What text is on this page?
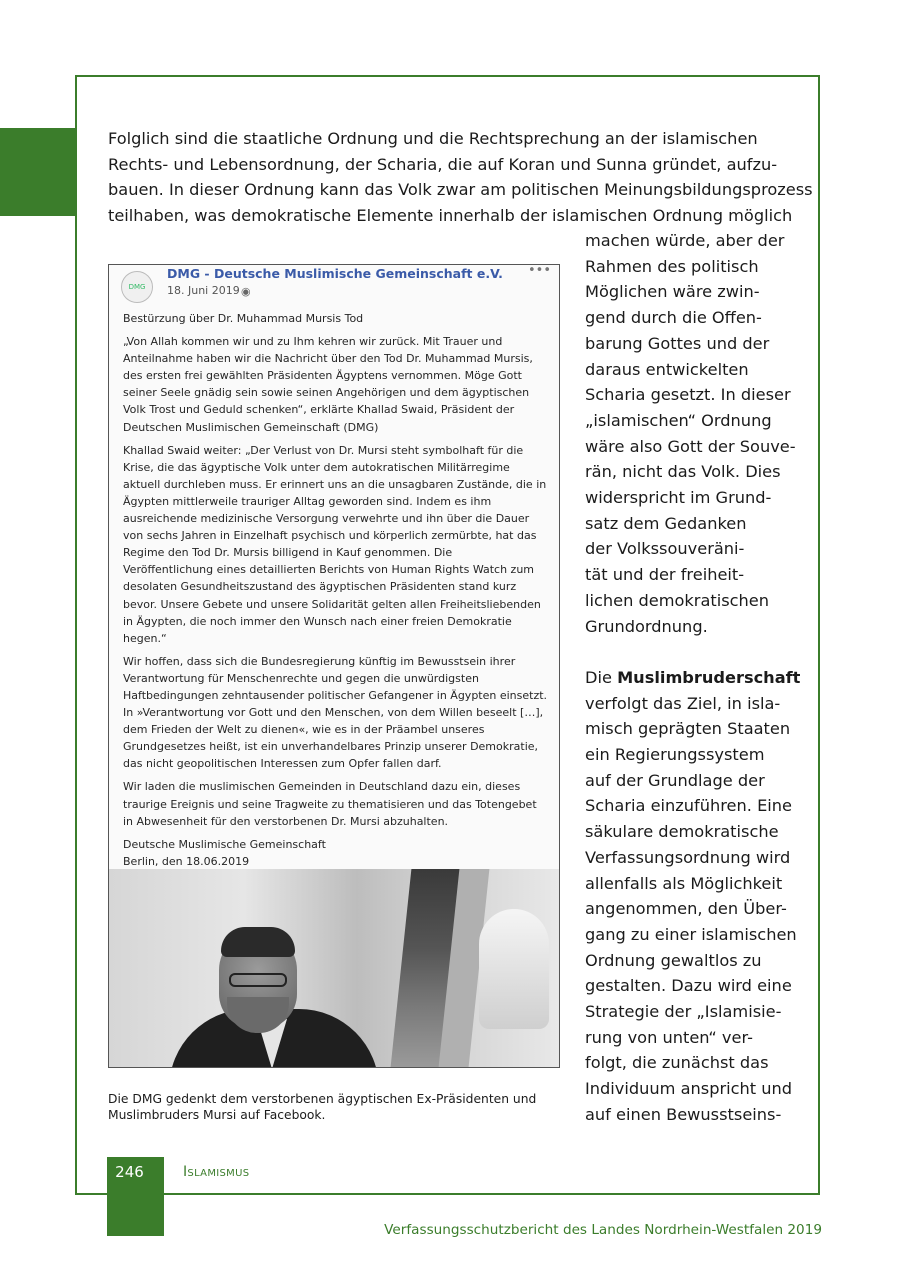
Folglich sind die staatliche Ordnung und die Rechtsprechung an der islamischen
Rechts- und Lebensordnung, der Scharia, die auf Koran und Sunna gründet, aufzu-
bauen. In dieser Ordnung kann das Volk zwar am politischen Meinungsbildungsprozess
teilhaben, was demokratische Elemente innerhalb der islamischen Ordnung möglich
DMG
DMG - Deutsche Muslimische Gemeinschaft e.V.
18. Juni 2019 ◉
•••
Bestürzung über Dr. Muhammad Mursis Tod
„Von Allah kommen wir und zu Ihm kehren wir zurück. Mit Trauer und
Anteilnahme haben wir die Nachricht über den Tod Dr. Muhammad Mursis,
des ersten frei gewählten Präsidenten Ägyptens vernommen. Möge Gott
seiner Seele gnädig sein sowie seinen Angehörigen und dem ägyptischen
Volk Trost und Geduld schenken“, erklärte Khallad Swaid, Präsident der
Deutschen Muslimischen Gemeinschaft (DMG)
Khallad Swaid weiter: „Der Verlust von Dr. Mursi steht symbolhaft für die
Krise, die das ägyptische Volk unter dem autokratischen Militärregime
aktuell durchleben muss. Er erinnert uns an die unsagbaren Zustände, die in
Ägypten mittlerweile trauriger Alltag geworden sind. Indem es ihm
ausreichende medizinische Versorgung verwehrte und ihn über die Dauer
von sechs Jahren in Einzelhaft psychisch und körperlich zermürbte, hat das
Regime den Tod Dr. Mursis billigend in Kauf genommen. Die
Veröffentlichung eines detaillierten Berichts von Human Rights Watch zum
desolaten Gesundheitszustand des ägyptischen Präsidenten stand kurz
bevor. Unsere Gebete und unsere Solidarität gelten allen Freiheitsliebenden
in Ägypten, die noch immer den Wunsch nach einer freien Demokratie
hegen.“
Wir hoffen, dass sich die Bundesregierung künftig im Bewusstsein ihrer
Verantwortung für Menschenrechte und gegen die unwürdigsten
Haftbedingungen zehntausender politischer Gefangener in Ägypten einsetzt.
In »Verantwortung vor Gott und den Menschen, von dem Willen beseelt […],
dem Frieden der Welt zu dienen«, wie es in der Präambel unseres
Grundgesetzes heißt, ist ein unverhandelbares Prinzip unserer Demokratie,
das nicht geopolitischen Interessen zum Opfer fallen darf.
Wir laden die muslimischen Gemeinden in Deutschland dazu ein, dieses
traurige Ereignis und seine Tragweite zu thematisieren und das Totengebet
in Abwesenheit für den verstorbenen Dr. Mursi abzuhalten.
Deutsche Muslimische Gemeinschaft
Berlin, den 18.06.2019
Die DMG gedenkt dem verstorbenen ägyptischen Ex-Präsidenten und
Muslimbruders Mursi auf Facebook.
machen würde, aber der
Rahmen des politisch
Möglichen wäre zwin-
gend durch die Offen-
barung Gottes und der
daraus entwickelten
Scharia gesetzt. In dieser
„islamischen“ Ordnung
wäre also Gott der Souve-
rän, nicht das Volk. Dies
widerspricht im Grund-
satz dem Gedanken
der Volkssouveräni-
tät und der freiheit-
lichen demokratischen
Grundordnung.
Die Muslimbruderschaft
verfolgt das Ziel, in isla-
misch geprägten Staaten
ein Regierungssystem
auf der Grundlage der
Scharia einzuführen. Eine
säkulare demokratische
Verfassungsordnung wird
allenfalls als Möglichkeit
angenommen, den Über-
gang zu einer islamischen
Ordnung gewaltlos zu
gestalten. Dazu wird eine
Strategie der „Islamisie-
rung von unten“ ver-
folgt, die zunächst das
Individuum anspricht und
auf einen Bewusstseins-
246	Islamismus
Verfassungsschutzbericht des Landes Nordrhein-Westfalen 2019
